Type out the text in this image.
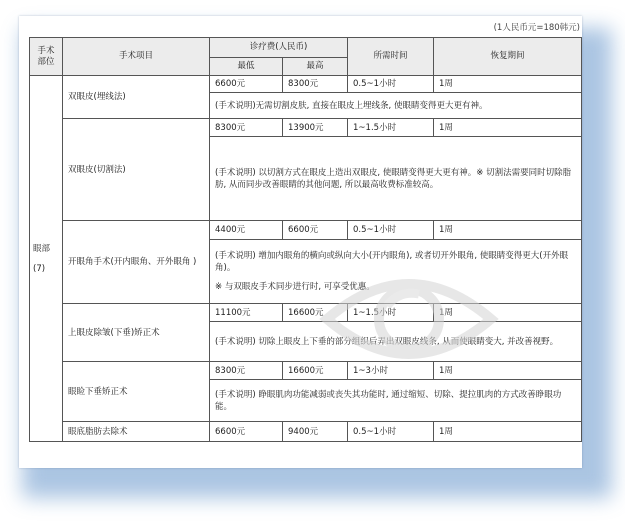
(1人民币元=180韩元)
手术
部位	手术项目	诊疗费(人民币)		所需时间	恢复期间
		最低	最高		

眼部
(7)	双眼皮(埋线法)	6600元	8300元	0.5~1小时	1周
		(手术说明)无需切割皮肤, 直接在眼皮上埋线条, 使眼睛变得更大更有神。			
	双眼皮(切割法)	8300元	13900元	1~1.5小时	1周
		(手术说明) 以切割方式在眼皮上造出双眼皮, 使眼睛变得更大更有神。※ 切割法需要同时切除脂肪, 从而同步改善眼睛的其他问题, 所以最高收费标准较高。			
	开眼角手术(开内眼角、开外眼角 )	4400元	6600元	0.5~1小时	1周
		(手术说明) 增加内眼角的横向或纵向大小(开内眼角), 或者切开外眼角, 使眼睛变得更大(开外眼角)。
※ 与双眼皮手术同步进行时, 可享受优惠。			

	上眼皮除皱(下垂)矫正术	11100元	16600元	1~1.5小时	1周
		(手术说明) 切除上眼皮上下垂的部分组织后弄出双眼皮线条, 从而使眼睛变大, 并改善视野。			
	眼睑下垂矫正术	8300元	16600元	1~3小时	1周
		(手术说明) 睁眼肌肉功能减弱或丧失其功能时, 通过缩短、切除、提拉肌肉的方式改善睁眼功能。			
	眼底脂肪去除术	6600元	9400元	0.5~1小时	1周
